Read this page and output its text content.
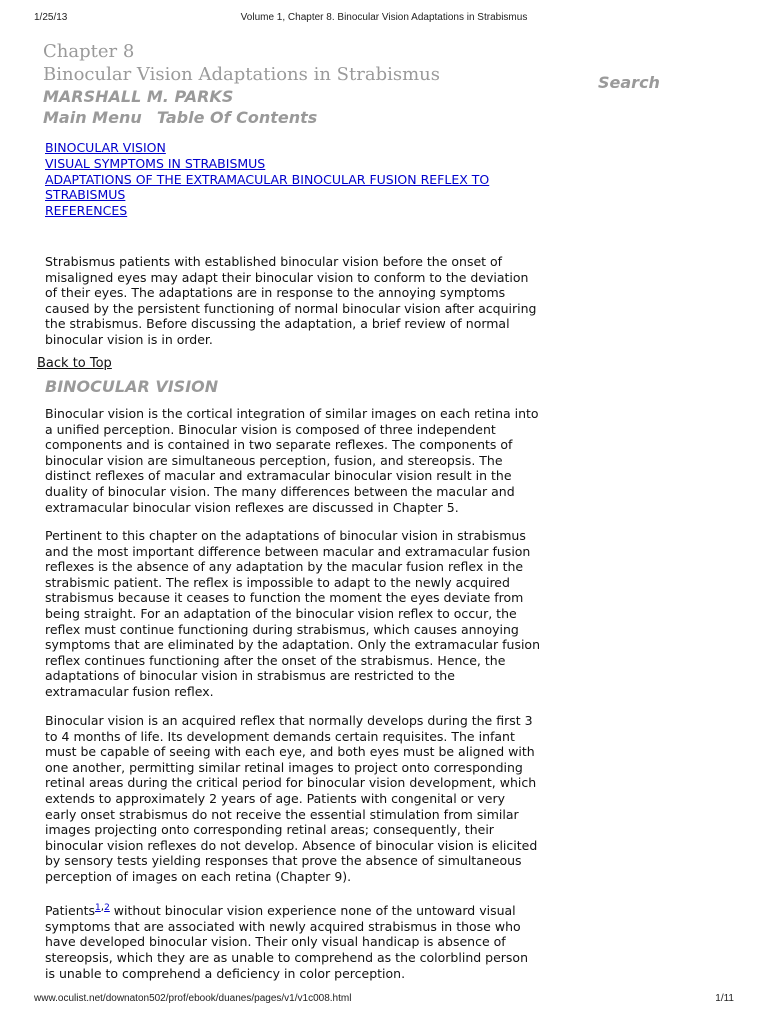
1/25/13	Volume 1, Chapter 8. Binocular Vision Adaptations in Strabismus
Chapter 8
Binocular Vision Adaptations in Strabismus
MARSHALL M. PARKS
Main Menu Table Of Contents
Search
BINOCULAR VISION
VISUAL SYMPTOMS IN STRABISMUS
ADAPTATIONS OF THE EXTRAMACULAR BINOCULAR FUSION REFLEX TO
STRABISMUS
REFERENCES

Strabismus patients with established binocular vision before the onset of
misaligned eyes may adapt their binocular vision to conform to the deviation
of their eyes. The adaptations are in response to the annoying symptoms
caused by the persistent functioning of normal binocular vision after acquiring
the strabismus. Before discussing the adaptation, a brief review of normal
binocular vision is in order.

Back to Top
BINOCULAR VISION

Binocular vision is the cortical integration of similar images on each retina into
a unified perception. Binocular vision is composed of three independent
components and is contained in two separate reflexes. The components of
binocular vision are simultaneous perception, fusion, and stereopsis. The
distinct reflexes of macular and extramacular binocular vision result in the
duality of binocular vision. The many differences between the macular and
extramacular binocular vision reflexes are discussed in Chapter 5.

Pertinent to this chapter on the adaptations of binocular vision in strabismus
and the most important difference between macular and extramacular fusion
reflexes is the absence of any adaptation by the macular fusion reflex in the
strabismic patient. The reflex is impossible to adapt to the newly acquired
strabismus because it ceases to function the moment the eyes deviate from
being straight. For an adaptation of the binocular vision reflex to occur, the
reflex must continue functioning during strabismus, which causes annoying
symptoms that are eliminated by the adaptation. Only the extramacular fusion
reflex continues functioning after the onset of the strabismus. Hence, the
adaptations of binocular vision in strabismus are restricted to the
extramacular fusion reflex.

Binocular vision is an acquired reflex that normally develops during the first 3
to 4 months of life. Its development demands certain requisites. The infant
must be capable of seeing with each eye, and both eyes must be aligned with
one another, permitting similar retinal images to project onto corresponding
retinal areas during the critical period for binocular vision development, which
extends to approximately 2 years of age. Patients with congenital or very
early onset strabismus do not receive the essential stimulation from similar
images projecting onto corresponding retinal areas; consequently, their
binocular vision reflexes do not develop. Absence of binocular vision is elicited
by sensory tests yielding responses that prove the absence of simultaneous
perception of images on each retina (Chapter 9).

Patients$^{1,2}$ without binocular vision experience none of the untoward visual
symptoms that are associated with newly acquired strabismus in those who
have developed binocular vision. Their only visual handicap is absence of
stereopsis, which they are as unable to comprehend as the colorblind person
is unable to comprehend a deficiency in color perception.

www.oculist.net/downaton502/prof/ebook/duanes/pages/v1/v1c008.html	1/11
